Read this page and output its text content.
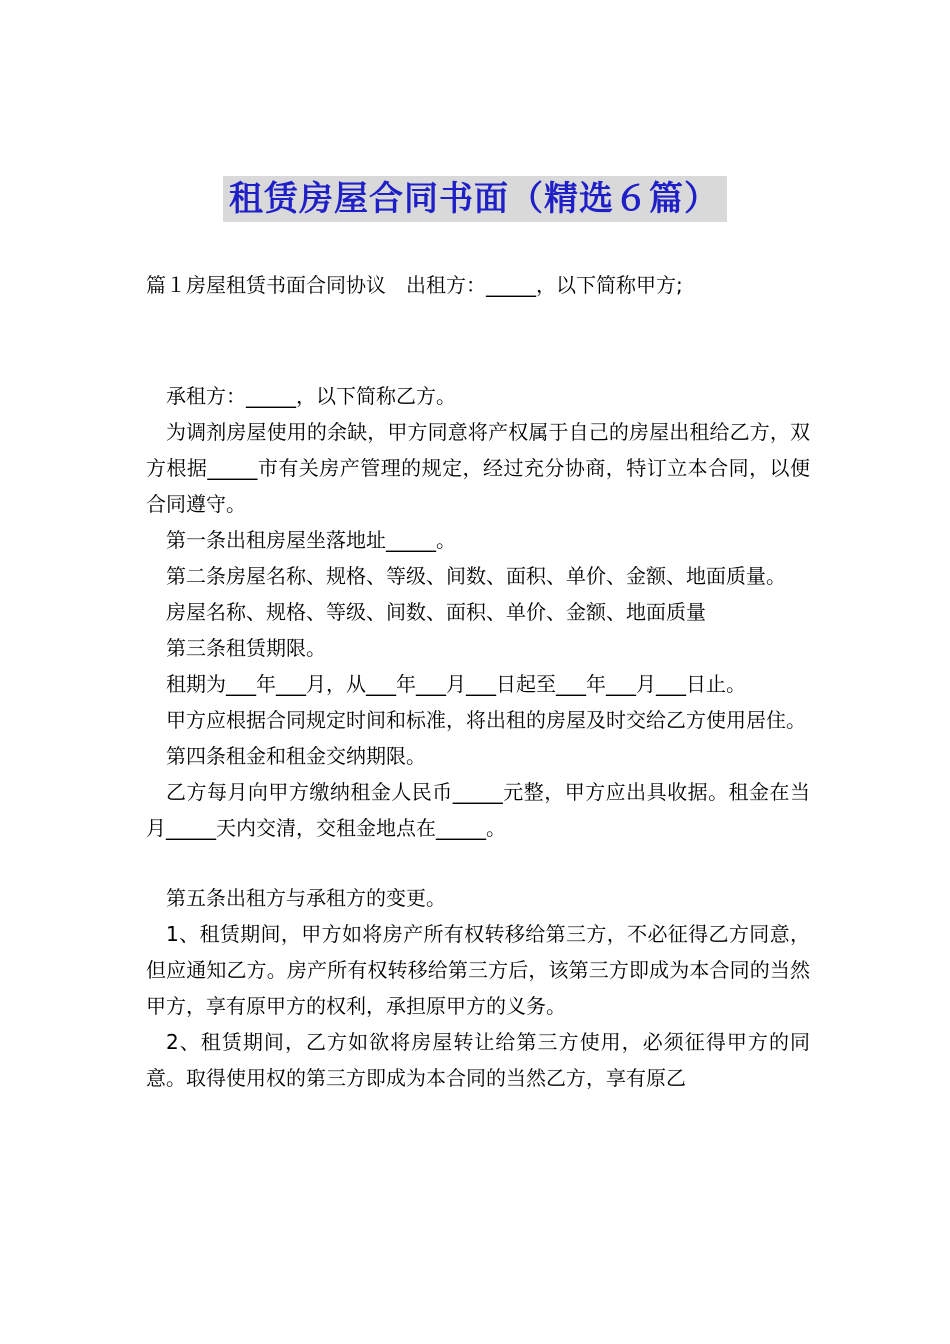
租赁房屋合同书面（精选６篇）
篇１房屋租赁书面合同协议　出租方：_____，以下简称甲方;

承租方：_____，以下简称乙方。

为调剂房屋使用的余缺，甲方同意将产权属于自己的房屋出租给乙方，双方根据_____市有关房产管理的规定，经过充分协商，特订立本合同，以便合同遵守。

第一条出租房屋坐落地址_____。

第二条房屋名称、规格、等级、间数、面积、单价、金额、地面质量。

房屋名称、规格、等级、间数、面积、单价、金额、地面质量

第三条租赁期限。

租期为___年___月，从___年___月___日起至___年___月___日止。

甲方应根据合同规定时间和标准，将出租的房屋及时交给乙方使用居住。

第四条租金和租金交纳期限。

乙方每月向甲方缴纳租金人民币_____元整，甲方应出具收据。租金在当月_____天内交清，交租金地点在_____。

第五条出租方与承租方的变更。

1、租赁期间，甲方如将房产所有权转移给第三方，不必征得乙方同意，但应通知乙方。房产所有权转移给第三方后，该第三方即成为本合同的当然甲方，享有原甲方的权利，承担原甲方的义务。

2、租赁期间，乙方如欲将房屋转让给第三方使用，必须征得甲方的同意。取得使用权的第三方即成为本合同的当然乙方，享有原乙
